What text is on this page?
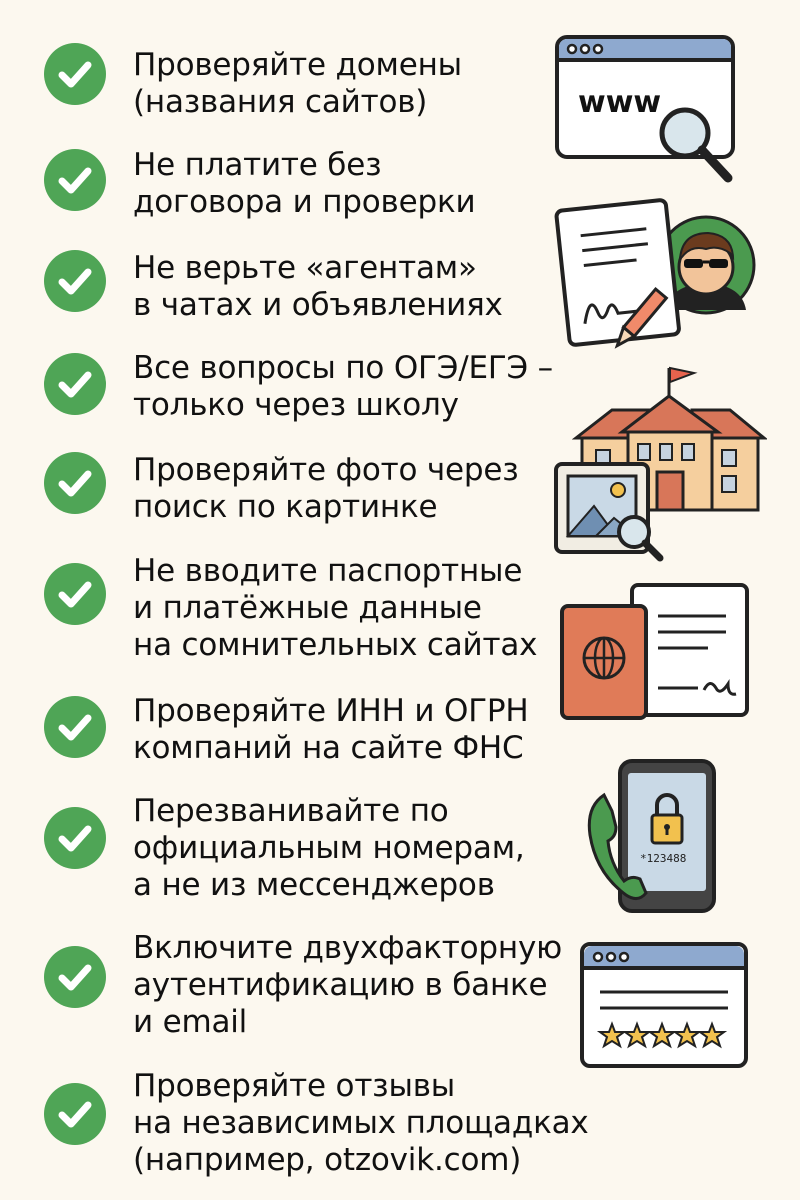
Проверяйте домены
(названия сайтов)
Не платите без
договора и проверки
Не верьте «агентам»
в чатах и объявлениях
Все вопросы по ОГЭ/ЕГЭ –
только через школу
Проверяйте фото через
поиск по картинке
Не вводите паспортные
и платёжные данные
на сомнительных сайтах
Проверяйте ИНН и ОГРН
компаний на сайте ФНС
Перезванивайте по
официальным номерам,
а не из мессенджеров
Включите двухфакторную
аутентификацию в банке
и email
Проверяйте отзывы
на независимых площадках
(например, otzovik.com)
www
*123488
